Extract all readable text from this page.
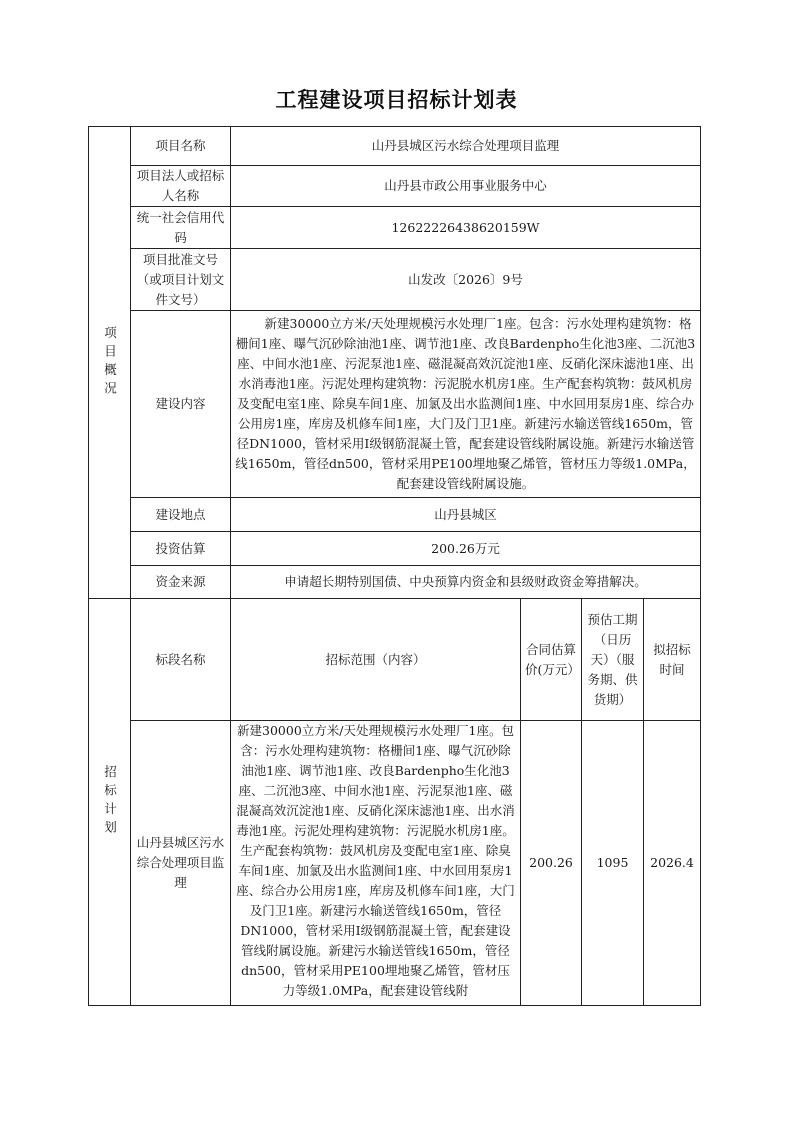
工程建设项目招标计划表
项目概况	项目名称	山丹县城区污水综合处理项目监理			
	项目法人或招标人名称	山丹县市政公用事业服务中心			
	统一社会信用代码	12622226438620159W			
	项目批准文号（或项目计划文件文号）	山发改〔2026〕9号			
	建设内容	新建30000立方米/天处理规模污水处理厂1座。包含：污水处理构建筑物：格栅间1座、曝气沉砂除油池1座、调节池1座、改良Bardenpho生化池3座、二沉池3座、中间水池1座、污泥泵池1座、磁混凝高效沉淀池1座、反硝化深床滤池1座、出水消毒池1座。污泥处理构建筑物：污泥脱水机房1座。生产配套构筑物：鼓风机房及变配电室1座、除臭车间1座、加氯及出水监测间1座、中水回用泵房1座、综合办公用房1座，库房及机修车间1座，大门及门卫1座。新建污水输送管线1650m，管径DN1000，管材采用Ⅰ级钢筋混凝土管，配套建设管线附属设施。新建污水输送管线1650m，管径dn500，管材采用PE100埋地聚乙烯管，管材压力等级1.0MPa，配套建设管线附属设施。			
	建设地点	山丹县城区			
	投资估算	200.26万元			
	资金来源	申请超长期特别国债、中央预算内资金和县级财政资金筹措解决。			
招标计划	标段名称	招标范围（内容）	合同估算价(万元）	预估工期（日历天）（服务期、供货期）	拟招标时间
	山丹县城区污水综合处理项目监理	新建30000立方米/天处理规模污水处理厂1座。包含：污水处理构建筑物：格栅间1座、曝气沉砂除油池1座、调节池1座、改良Bardenpho生化池3座、二沉池3座、中间水池1座、污泥泵池1座、磁混凝高效沉淀池1座、反硝化深床滤池1座、出水消毒池1座。污泥处理构建筑物：污泥脱水机房1座。生产配套构筑物：鼓风机房及变配电室1座、除臭车间1座、加氯及出水监测间1座、中水回用泵房1座、综合办公用房1座，库房及机修车间1座，大门及门卫1座。新建污水输送管线1650m，管径DN1000，管材采用Ⅰ级钢筋混凝土管，配套建设管线附属设施。新建污水输送管线1650m，管径dn500，管材采用PE100埋地聚乙烯管，管材压力等级1.0MPa，配套建设管线附	200.26	1095	2026.4
